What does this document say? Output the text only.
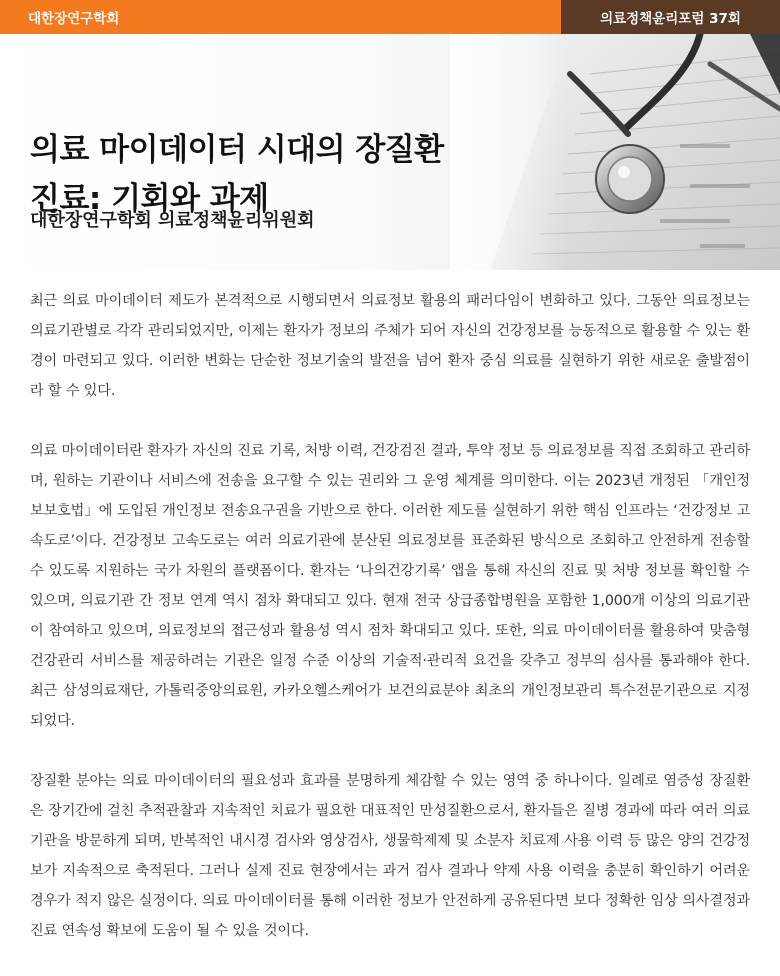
대한장연구학회	의료정책윤리포럼 37회
의료 마이데이터 시대의 장질환
진료: 기회와 과제
대한장연구학회 의료정책윤리위원회

최근 의료 마이데이터 제도가 본격적으로 시행되면서 의료정보 활용의 패러다임이 변화하고 있다. 그동안 의료정보는 의료기관별로 각각 관리되었지만, 이제는 환자가 정보의 주체가 되어 자신의 건강정보를 능동적으로 활용할 수 있는 환경이 마련되고 있다. 이러한 변화는 단순한 정보기술의 발전을 넘어 환자 중심 의료를 실현하기 위한 새로운 출발점이라 할 수 있다.

의료 마이데이터란 환자가 자신의 진료 기록, 처방 이력, 건강검진 결과, 투약 정보 등 의료정보를 직접 조회하고 관리하며, 원하는 기관이나 서비스에 전송을 요구할 수 있는 권리와 그 운영 체계를 의미한다. 이는 2023년 개정된 「개인정보보호법」에 도입된 개인정보 전송요구권을 기반으로 한다. 이러한 제도를 실현하기 위한 핵심 인프라는 ‘건강정보 고속도로’이다. 건강정보 고속도로는 여러 의료기관에 분산된 의료정보를 표준화된 방식으로 조회하고 안전하게 전송할 수 있도록 지원하는 국가 차원의 플랫폼이다. 환자는 ‘나의건강기록’ 앱을 통해 자신의 진료 및 처방 정보를 확인할 수 있으며, 의료기관 간 정보 연계 역시 점차 확대되고 있다. 현재 전국 상급종합병원을 포함한 1,000개 이상의 의료기관이 참여하고 있으며, 의료정보의 접근성과 활용성 역시 점차 확대되고 있다. 또한, 의료 마이데이터를 활용하여 맞춤형 건강관리 서비스를 제공하려는 기관은 일정 수준 이상의 기술적·관리적 요건을 갖추고 정부의 심사를 통과해야 한다. 최근 삼성의료재단, 가톨릭중앙의료원, 카카오헬스케어가 보건의료분야 최초의 개인정보관리 특수전문기관으로 지정되었다.

장질환 분야는 의료 마이데이터의 필요성과 효과를 분명하게 체감할 수 있는 영역 중 하나이다. 일례로 염증성 장질환은 장기간에 걸친 추적관찰과 지속적인 치료가 필요한 대표적인 만성질환으로서, 환자들은 질병 경과에 따라 여러 의료기관을 방문하게 되며, 반복적인 내시경 검사와 영상검사, 생물학제제 및 소분자 치료제 사용 이력 등 많은 양의 건강정보가 지속적으로 축적된다. 그러나 실제 진료 현장에서는 과거 검사 결과나 약제 사용 이력을 충분히 확인하기 어려운 경우가 적지 않은 실정이다. 의료 마이데이터를 통해 이러한 정보가 안전하게 공유된다면 보다 정확한 임상 의사결정과 진료 연속성 확보에 도움이 될 수 있을 것이다.
